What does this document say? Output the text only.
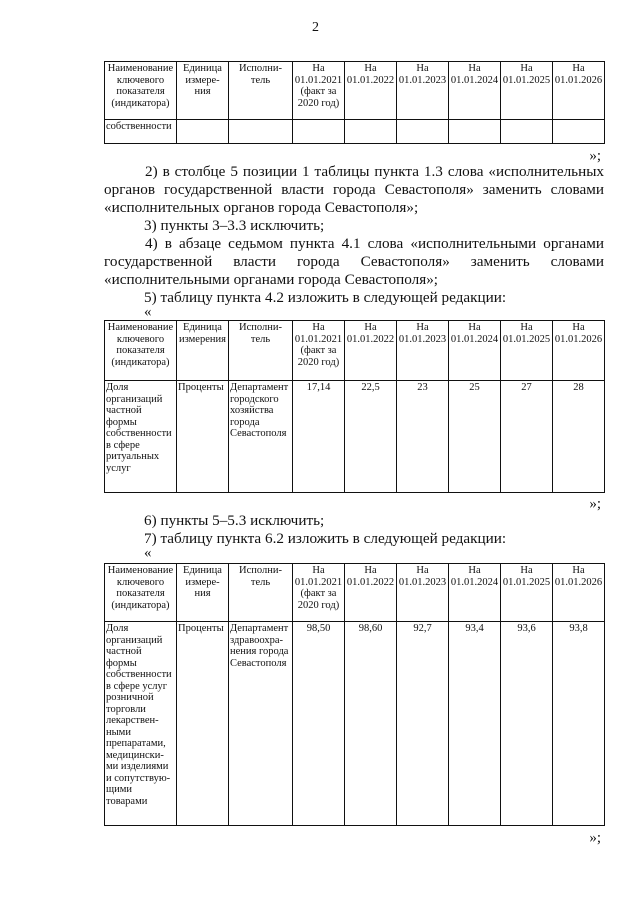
2
Наименование ключевого показателя (индикатора)	Единица измере-ния	Исполни-тель	На 01.01.2021 (факт за 2020 год)	На 01.01.2022	На 01.01.2023	На 01.01.2024	На 01.01.2025	На 01.01.2026
собственности								
»;
2) в столбце 5 позиции 1 таблицы пункта 1.3 слова «исполнительных органов государственной власти города Севастополя» заменить словами «исполнительных органов города Севастополя»;
3) пункты 3–3.3 исключить;
4) в абзаце седьмом пункта 4.1 слова «исполнительными органами государственной власти города Севастополя» заменить словами «исполнительными органами города Севастополя»;
5) таблицу пункта 4.2 изложить в следующей редакции:
«
Наименование ключевого показателя (индикатора)	Единица измерения	Исполни-тель	На 01.01.2021 (факт за 2020 год)	На 01.01.2022	На 01.01.2023	На 01.01.2024	На 01.01.2025	На 01.01.2026
Доля организаций частной формы собственности в сфере ритуальных услуг	Проценты	Департамент городского хозяйства города Севастополя	17,14	22,5	23	25	27	28
»;
6) пункты 5–5.3 исключить;
7) таблицу пункта 6.2 изложить в следующей редакции:
«
Наименование ключевого показателя (индикатора)	Единица измере-ния	Исполни-тель	На 01.01.2021 (факт за 2020 год)	На 01.01.2022	На 01.01.2023	На 01.01.2024	На 01.01.2025	На 01.01.2026
Доля организаций частной формы собственности в сфере услуг розничной торговли лекарствен-ными препаратами, медицински-ми изделиями и сопутствую-щими товарами	Проценты	Департамент здравоохра-нения города Севастополя	98,50	98,60	92,7	93,4	93,6	93,8
»;
